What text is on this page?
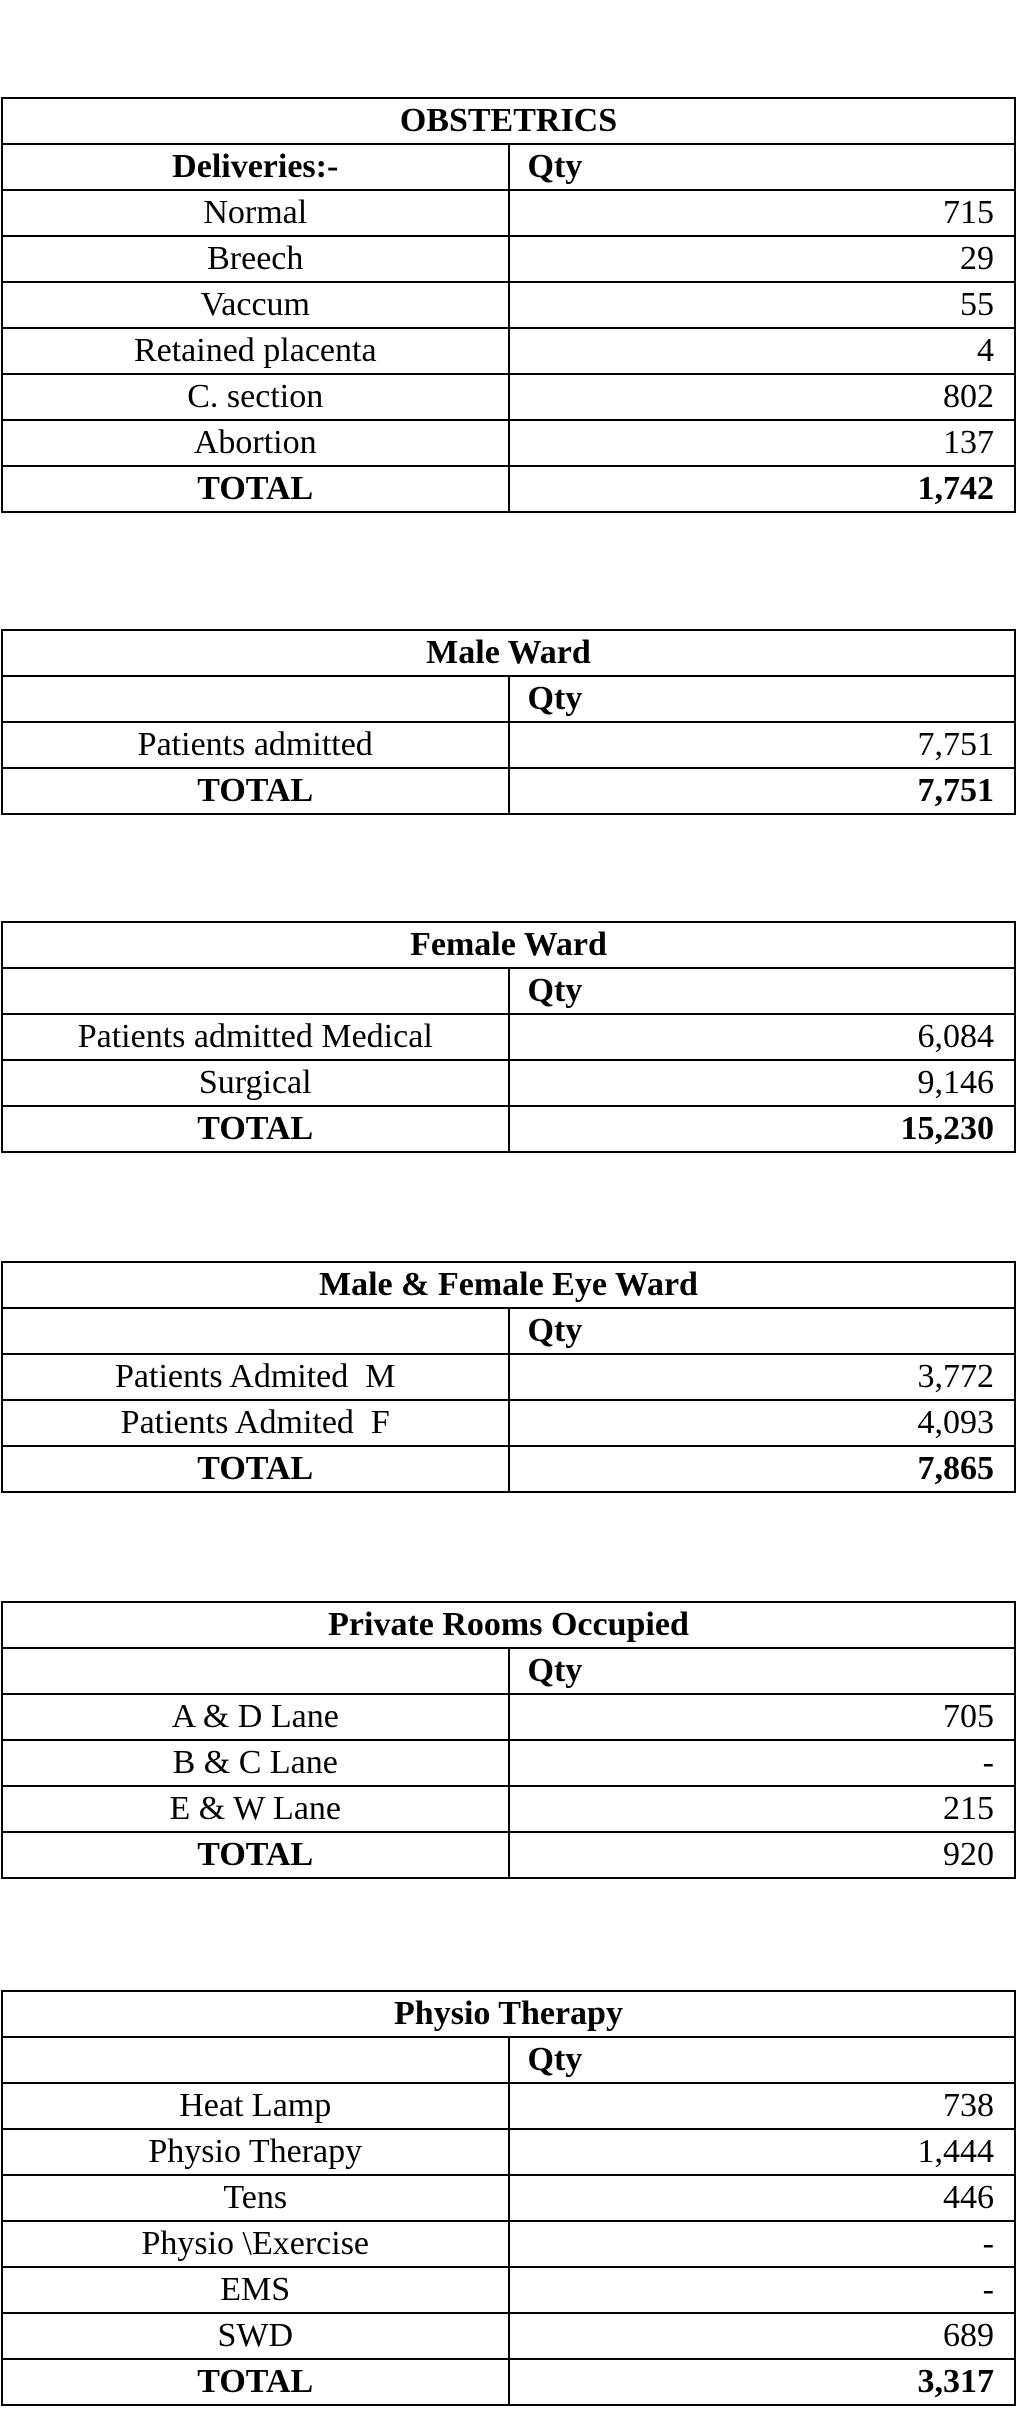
OBSTETRICS	
Deliveries:-	Qty
Normal	715
Breech	29
Vaccum	55
Retained placenta	4
C. section	802
Abortion	137
TOTAL	1,742
Male Ward	
	Qty
Patients admitted	7,751
TOTAL	7,751
Female Ward	
	Qty
Patients admitted Medical	6,084
Surgical	9,146
TOTAL	15,230
Male & Female Eye Ward	
	Qty
Patients Admited  M	3,772
Patients Admited  F	4,093
TOTAL	7,865
Private Rooms Occupied	
	Qty
A & D Lane	705
B & C Lane	-
E & W Lane	215
TOTAL	920
Physio Therapy	
	Qty
Heat Lamp	738
Physio Therapy	1,444
Tens	446
Physio \Exercise	-
EMS	-
SWD	689
TOTAL	3,317
